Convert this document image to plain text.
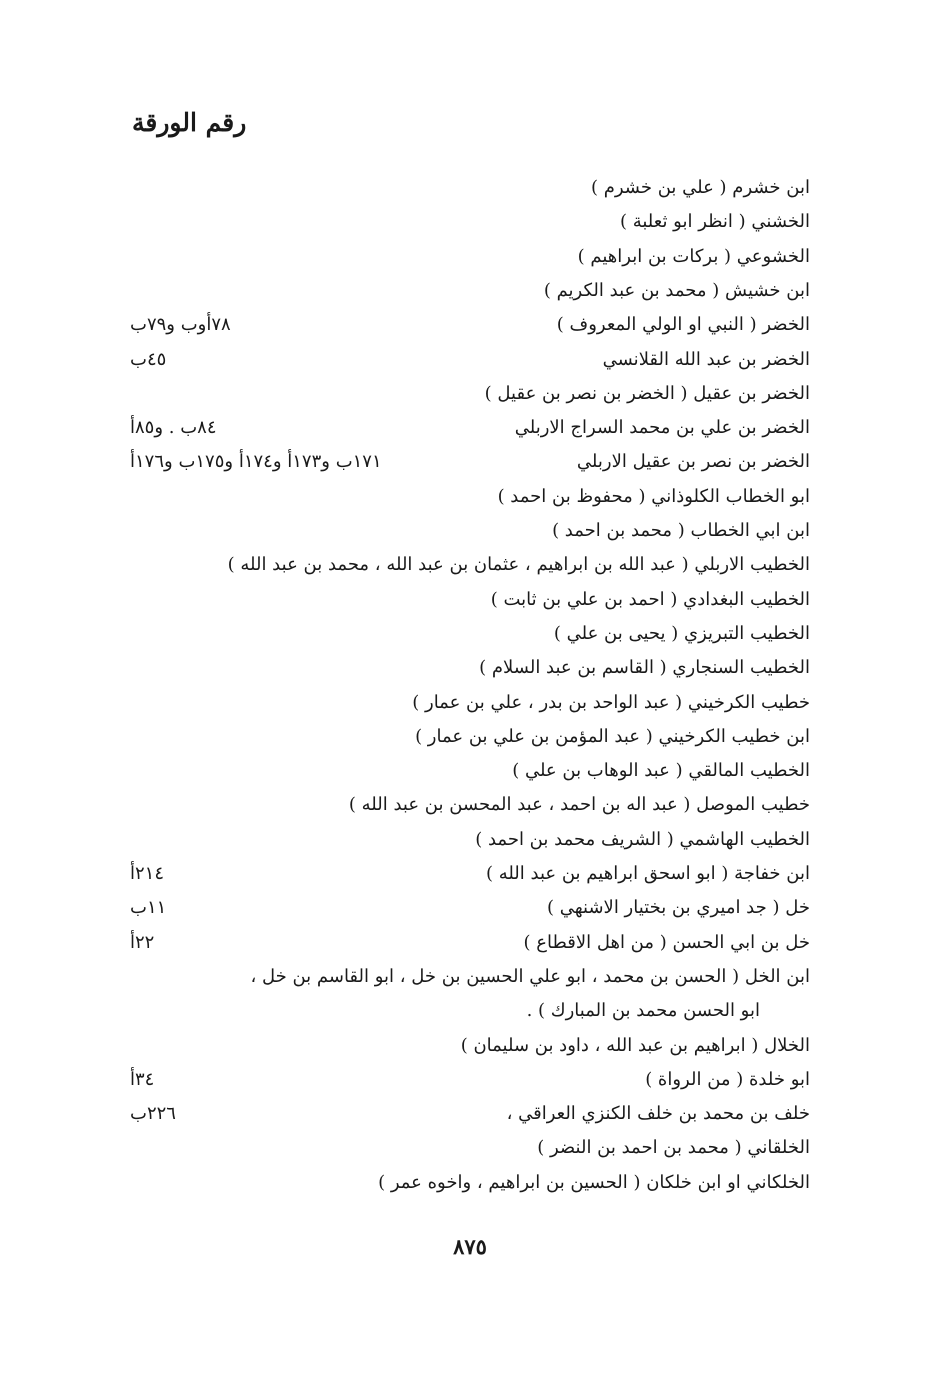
رقم الورقة
ابن خشرم ( علي بن خشرم )
الخشني ( انظر ابو ثعلبة )
الخشوعي ( بركات بن ابراهيم )
ابن خشيش ( محمد بن عبد الكريم )
الخضر ( النبي او الولي المعروف )
٧٨أوب و٧٩ب
الخضر بن عبد الله القلانسي
٤٥ب
الخضر بن عقيل ( الخضر بن نصر بن عقيل )
الخضر بن علي بن محمد السراج الاربلي
٨٤ب . و٨٥أ
الخضر بن نصر بن عقيل الاربلي
١٧١ب و١٧٣أ و١٧٤أ و١٧٥ب و١٧٦أ
ابو الخطاب الكلوذاني ( محفوظ بن احمد )
ابن ابي الخطاب ( محمد بن احمد )
الخطيب الاربلي ( عبد الله بن ابراهيم ، عثمان بن عبد الله ، محمد بن عبد الله )
الخطيب البغدادي ( احمد بن علي بن ثابت )
الخطيب التبريزي ( يحيى بن علي )
الخطيب السنجاري ( القاسم بن عبد السلام )
خطيب الكرخيني ( عبد الواحد بن بدر ، علي بن عمار )
ابن خطيب الكرخيني ( عبد المؤمن بن علي بن عمار )
الخطيب المالقي ( عبد الوهاب بن علي )
خطيب الموصل ( عبد اله بن احمد ، عبد المحسن بن عبد الله )
الخطيب الهاشمي ( الشريف محمد بن احمد )
ابن خفاجة ( ابو اسحق ابراهيم بن عبد الله )
٢١٤أ
خل ( جد اميري بن بختيار الاشنهي )
١١ب
خل بن ابي الحسن ( من اهل الاقطاع )
٢٢أ
ابن الخل ( الحسن بن محمد ، ابو علي الحسين بن خل ، ابو القاسم بن خل ،
ابو الحسن محمد بن المبارك ) .
الخلال ( ابراهيم بن عبد الله ، داود بن سليمان )
ابو خلدة ( من الرواة )
٣٤أ
خلف بن محمد بن خلف الكنزي العراقي ،
٢٢٦ب
الخلقاني ( محمد بن احمد بن النضر )
الخلكاني او ابن خلكان ( الحسين بن ابراهيم ، واخوه عمر )
٨٧٥
